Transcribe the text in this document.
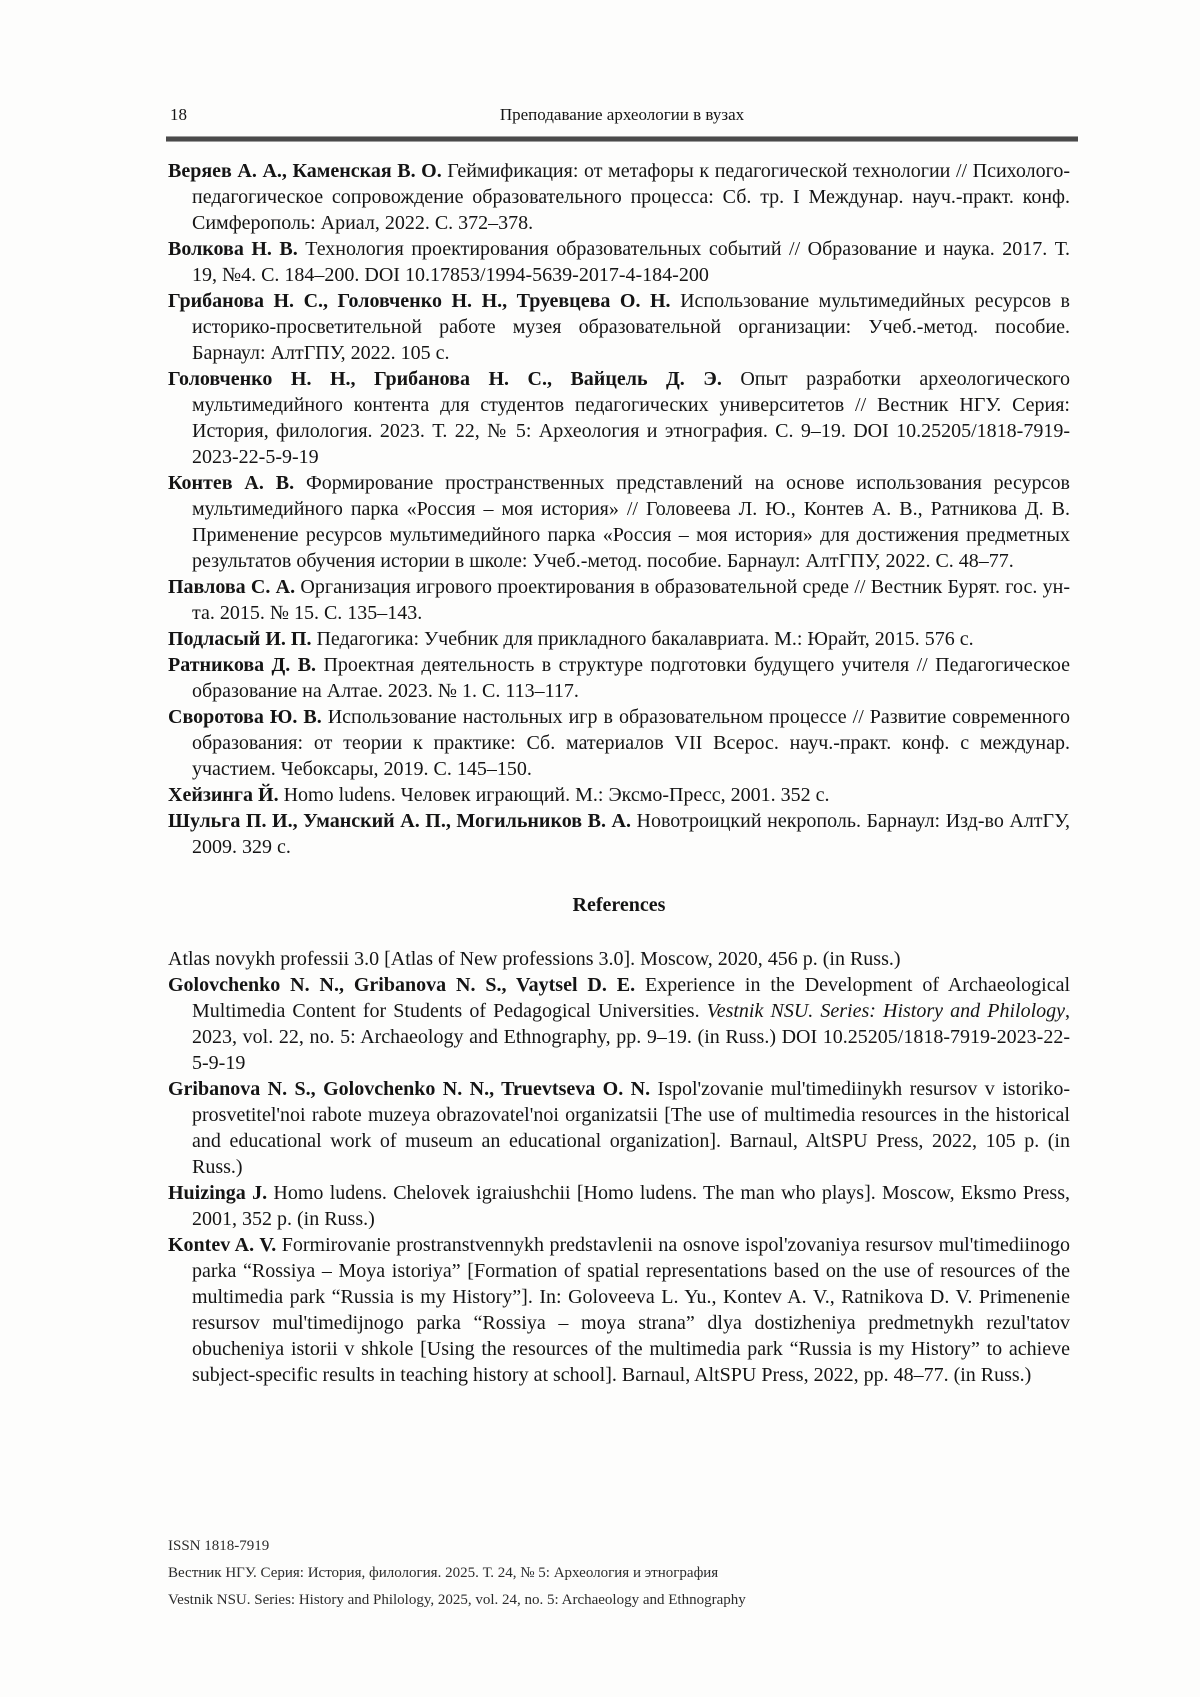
18	Преподавание археологии в вузах

Веряев А. А., Каменская В. О. Геймификация: от метафоры к педагогической технологии // Психолого-педагогическое сопровождение образовательного процесса: Сб. тр. I Междунар. науч.-практ. конф. Симферополь: Ариал, 2022. С. 372–378.

Волкова Н. В. Технология проектирования образовательных событий // Образование и наука. 2017. Т. 19, №4. С. 184–200. DOI 10.17853/1994-5639-2017-4-184-200

Грибанова Н. С., Головченко Н. Н., Труевцева О. Н. Использование мультимедийных ресурсов в историко-просветительной работе музея образовательной организации: Учеб.-метод. пособие. Барнаул: АлтГПУ, 2022. 105 с.

Головченко Н. Н., Грибанова Н. С., Вайцель Д. Э. Опыт разработки археологического мультимедийного контента для студентов педагогических университетов // Вестник НГУ. Серия: История, филология. 2023. Т. 22, № 5: Археология и этнография. С. 9–19. DOI 10.25205/1818-7919-2023-22-5-9-19

Контев А. В. Формирование пространственных представлений на основе использования ресурсов мультимедийного парка «Россия – моя история» // Головеева Л. Ю., Контев А. В., Ратникова Д. В. Применение ресурсов мультимедийного парка «Россия – моя история» для достижения предметных результатов обучения истории в школе: Учеб.-метод. пособие. Барнаул: АлтГПУ, 2022. С. 48–77.

Павлова С. А. Организация игрового проектирования в образовательной среде // Вестник Бурят. гос. ун-та. 2015. № 15. С. 135–143.

Подласый И. П. Педагогика: Учебник для прикладного бакалавриата. М.: Юрайт, 2015. 576 с.

Ратникова Д. В. Проектная деятельность в структуре подготовки будущего учителя // Педагогическое образование на Алтае. 2023. № 1. С. 113–117.

Своротова Ю. В. Использование настольных игр в образовательном процессе // Развитие современного образования: от теории к практике: Сб. материалов VII Всерос. науч.-практ. конф. с междунар. участием. Чебоксары, 2019. С. 145–150.

Хейзинга Й. Homo ludens. Человек играющий. М.: Эксмо-Пресс, 2001. 352 с.

Шульга П. И., Уманский А. П., Могильников В. А. Новотроицкий некрополь. Барнаул: Изд-во АлтГУ, 2009. 329 с.

References

Atlas novykh professii 3.0 [Atlas of New professions 3.0]. Moscow, 2020, 456 p. (in Russ.)

Golovchenko N. N., Gribanova N. S., Vaytsel D. E. Experience in the Development of Archaeological Multimedia Content for Students of Pedagogical Universities. Vestnik NSU. Series: History and Philology, 2023, vol. 22, no. 5: Archaeology and Ethnography, pp. 9–19. (in Russ.) DOI 10.25205/1818-7919-2023-22-5-9-19

Gribanova N. S., Golovchenko N. N., Truevtseva O. N. Ispol'zovanie mul'timediinykh resursov v istoriko-prosvetitel'noi rabote muzeya obrazovatel'noi organizatsii [The use of multimedia resources in the historical and educational work of museum an educational organization]. Barnaul, AltSPU Press, 2022, 105 p. (in Russ.)

Huizinga J. Homo ludens. Chelovek igraiushchii [Homo ludens. The man who plays]. Moscow, Eksmo Press, 2001, 352 p. (in Russ.)

Kontev A. V. Formirovanie prostranstvennykh predstavlenii na osnove ispol'zovaniya resursov mul'timediinogo parka “Rossiya – Moya istoriya” [Formation of spatial representations based on the use of resources of the multimedia park “Russia is my History”]. In: Goloveeva L. Yu., Kontev A. V., Ratnikova D. V. Primenenie resursov mul'timedijnogo parka “Rossiya – moya strana” dlya dostizheniya predmetnykh rezul'tatov obucheniya istorii v shkole [Using the resources of the multimedia park “Russia is my History” to achieve subject-specific results in teaching history at school]. Barnaul, AltSPU Press, 2022, pp. 48–77. (in Russ.)

ISSN 1818-7919
Вестник НГУ. Серия: История, филология. 2025. Т. 24, № 5: Археология и этнография
Vestnik NSU. Series: History and Philology, 2025, vol. 24, no. 5: Archaeology and Ethnography
